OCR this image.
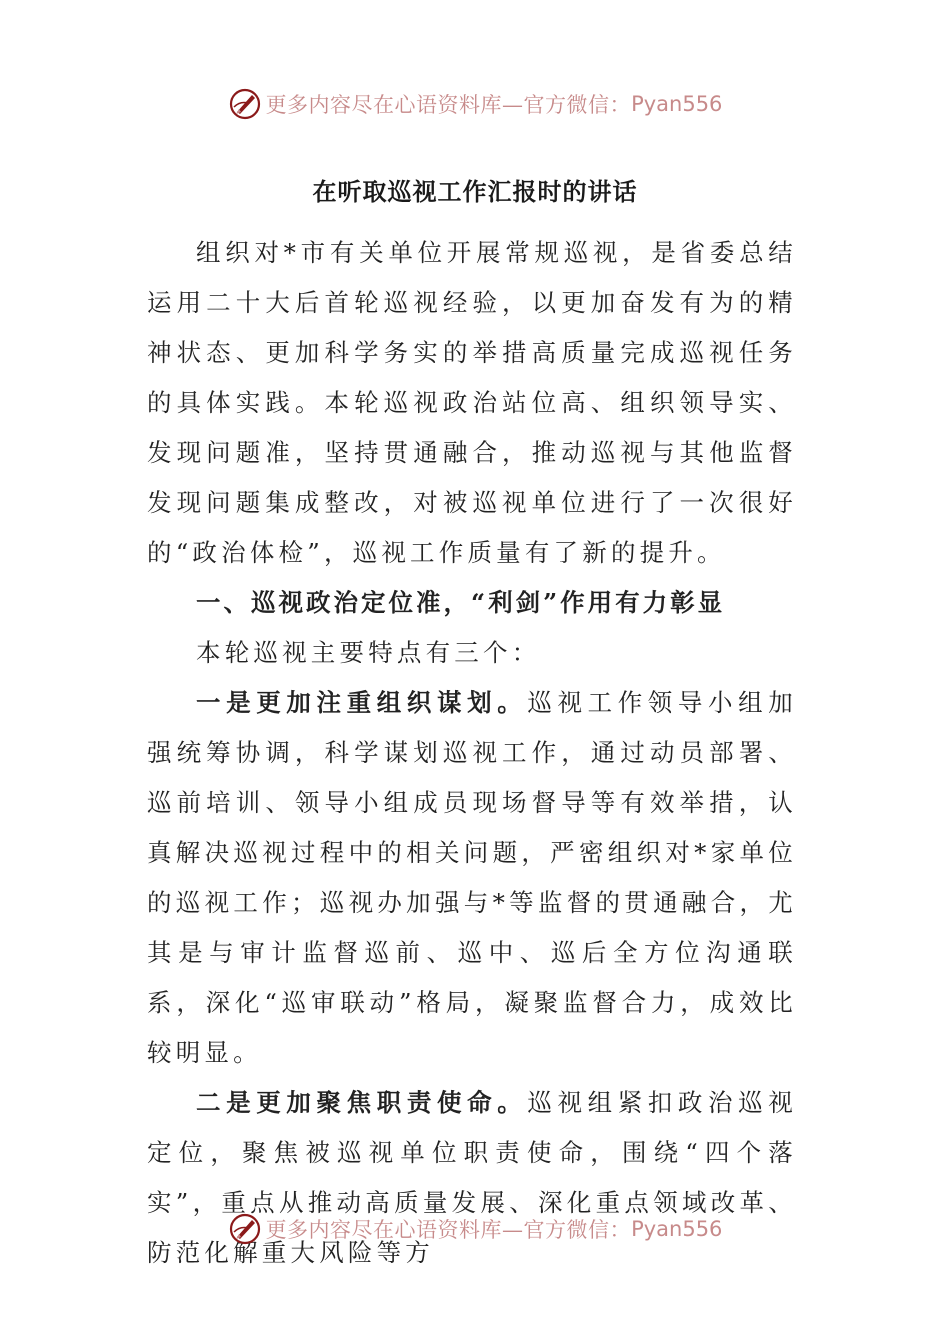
更多内容尽在心语资料库—官方微信： Pyan556
在听取巡视工作汇报时的讲话

组织对*市有关单位开展常规巡视，是省委总结运用二十大后首轮巡视经验，以更加奋发有为的精神状态、更加科学务实的举措高质量完成巡视任务的具体实践。本轮巡视政治站位高、组织领导实、发现问题准，坚持贯通融合，推动巡视与其他监督发现问题集成整改，对被巡视单位进行了一次很好的“政治体检”，巡视工作质量有了新的提升。

一、巡视政治定位准，“利剑”作用有力彰显

本轮巡视主要特点有三个：

一是更加注重组织谋划。巡视工作领导小组加强统筹协调，科学谋划巡视工作，通过动员部署、巡前培训、领导小组成员现场督导等有效举措，认真解决巡视过程中的相关问题，严密组织对*家单位的巡视工作；巡视办加强与*等监督的贯通融合，尤其是与审计监督巡前、巡中、巡后全方位沟通联系，深化“巡审联动”格局，凝聚监督合力，成效比较明显。

二是更加聚焦职责使命。巡视组紧扣政治巡视定位，聚焦被巡视单位职责使命，围绕“四个落实”，重点从推动高质量发展、深化重点领域改革、防范化解重大风险等方

更多内容尽在心语资料库—官方微信： Pyan556
